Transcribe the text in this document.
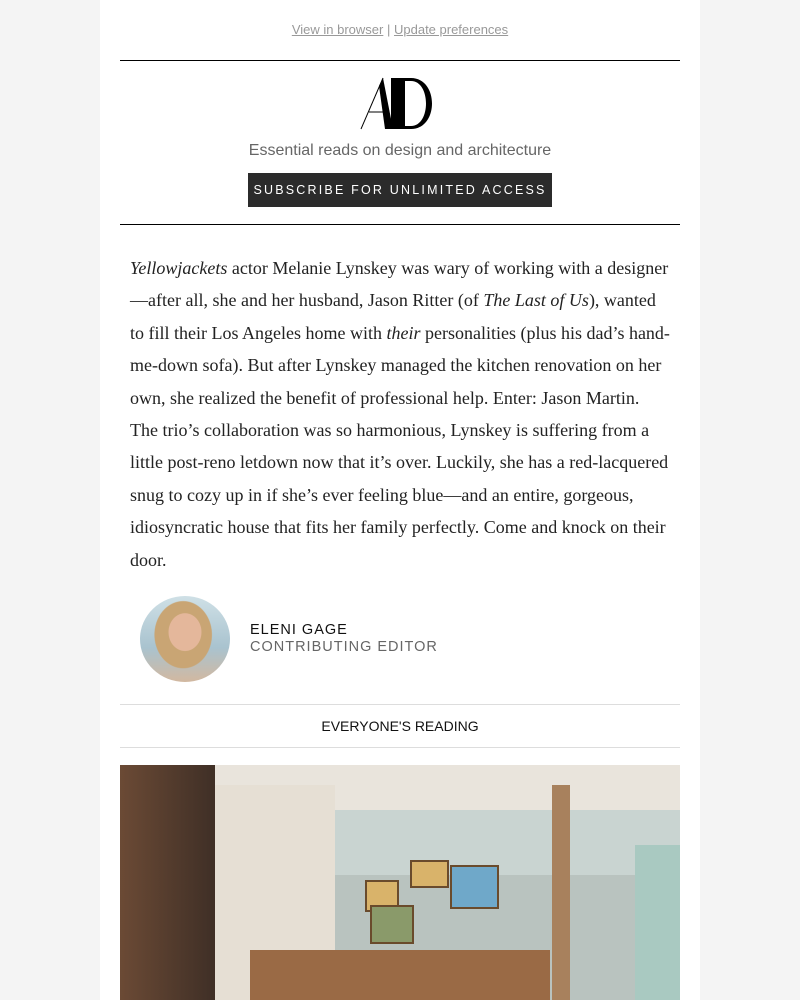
View in browser | Update preferences
Essential reads on design and architecture
SUBSCRIBE FOR UNLIMITED ACCESS
Yellowjackets actor Melanie Lynskey was wary of working with a designer
—after all, she and her husband, Jason Ritter (of The Last of Us), wanted
to fill their Los Angeles home with their personalities (plus his dad’s hand-
me-down sofa). But after Lynskey managed the kitchen renovation on her
own, she realized the benefit of professional help. Enter: Jason Martin.
The trio’s collaboration was so harmonious, Lynskey is suffering from a
little post-reno letdown now that it’s over. Luckily, she has a red-lacquered
snug to cozy up in if she’s ever feeling blue—and an entire, gorgeous,
idiosyncratic house that fits her family perfectly. Come and knock on their
door.
ELENI GAGE
CONTRIBUTING EDITOR
EVERYONE'S READING
